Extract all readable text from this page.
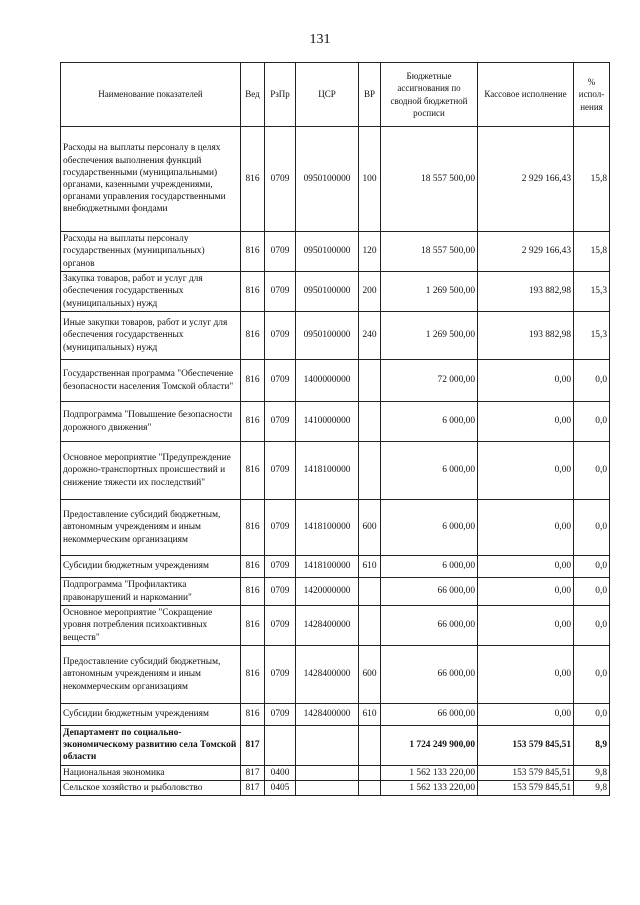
131
Наименование показателей	Вед	РзПр	ЦСР	ВР	Бюджетные ассигнования по сводной бюджетной росписи	Кассовое исполнение	% испол- нения
Расходы на выплаты персоналу в целях обеспечения выполнения функций государственными (муниципальными) органами, казенными учреждениями, органами управления государственными внебюджетными фондами	816	0709	0950100000	100	18 557 500,00	2 929 166,43	15,8
Расходы на выплаты персоналу государственных (муниципальных) органов	816	0709	0950100000	120	18 557 500,00	2 929 166,43	15,8
Закупка товаров, работ и услуг для обеспечения государственных (муниципальных) нужд	816	0709	0950100000	200	1 269 500,00	193 882,98	15,3
Иные закупки товаров, работ и услуг для обеспечения государственных (муниципальных) нужд	816	0709	0950100000	240	1 269 500,00	193 882,98	15,3
Государственная программа "Обеспечение безопасности населения Томской области"	816	0709	1400000000		72 000,00	0,00	0,0
Подпрограмма "Повышение безопасности дорожного движения"	816	0709	1410000000		6 000,00	0,00	0,0
Основное мероприятие "Предупреждение дорожно-транспортных происшествий и снижение тяжести их последствий"	816	0709	1418100000		6 000,00	0,00	0,0
Предоставление субсидий бюджетным, автономным учреждениям и иным некоммерческим организациям	816	0709	1418100000	600	6 000,00	0,00	0,0
Субсидии бюджетным учреждениям	816	0709	1418100000	610	6 000,00	0,00	0,0
Подпрограмма "Профилактика правонарушений и наркомании"	816	0709	1420000000		66 000,00	0,00	0,0
Основное мероприятие "Сокращение уровня потребления психоактивных веществ"	816	0709	1428400000		66 000,00	0,00	0,0
Предоставление субсидий бюджетным, автономным учреждениям и иным некоммерческим организациям	816	0709	1428400000	600	66 000,00	0,00	0,0
Субсидии бюджетным учреждениям	816	0709	1428400000	610	66 000,00	0,00	0,0
Департамент по социально-экономическому развитию села Томской области	817				1 724 249 900,00	153 579 845,51	8,9
Национальная экономика	817	0400			1 562 133 220,00	153 579 845,51	9,8
Сельское хозяйство и рыболовство	817	0405			1 562 133 220,00	153 579 845,51	9,8
